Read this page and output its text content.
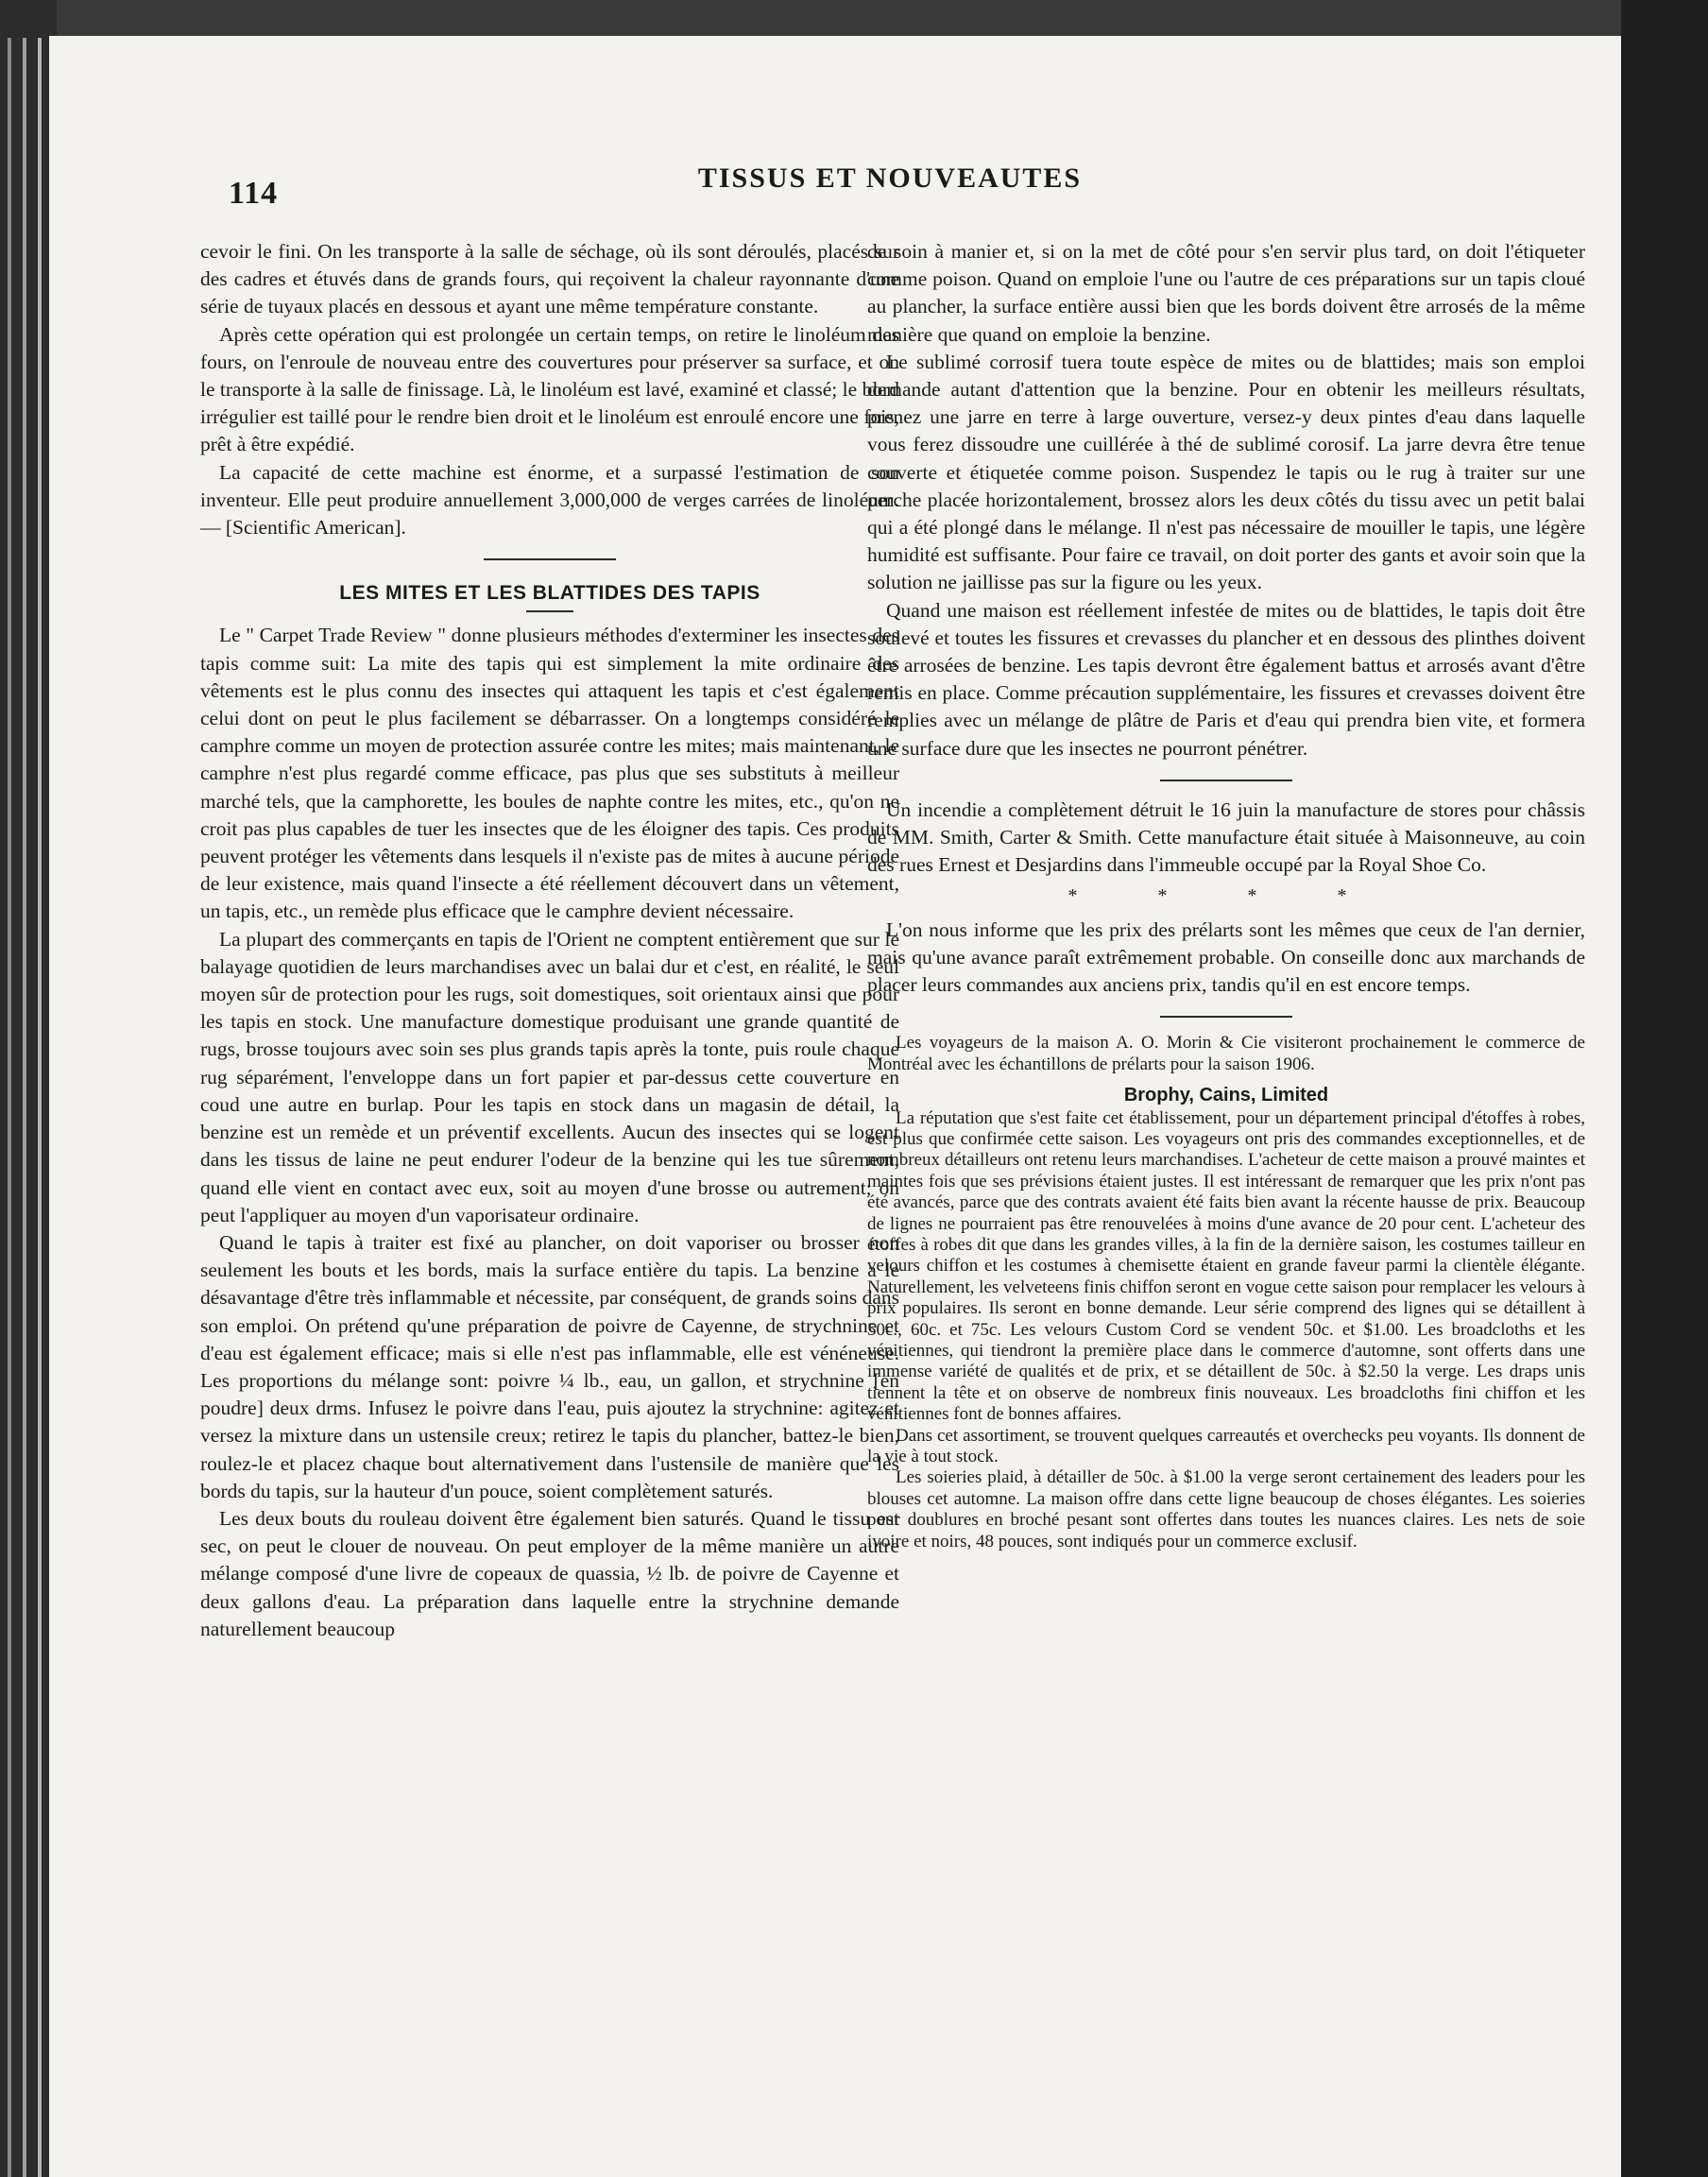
114	TISSUS ET NOUVEAUTES

cevoir le fini. On les transporte à la salle de séchage, où ils sont déroulés, placés sur des cadres et étuvés dans de grands fours, qui reçoivent la chaleur rayonnante d'une série de tuyaux placés en dessous et ayant une même température constante.

Après cette opération qui est prolongée un certain temps, on retire le linoléum des fours, on l'enroule de nouveau entre des couvertures pour préserver sa surface, et on le transporte à la salle de finissage. Là, le linoléum est lavé, examiné et classé; le bord irrégulier est taillé pour le rendre bien droit et le linoléum est enroulé encore une fois, prêt à être expédié.

La capacité de cette machine est énorme, et a surpassé l'estimation de son inventeur. Elle peut produire annuellement 3,000,000 de verges carrées de linoléum. — [Scientific American].

LES MITES ET LES BLATTIDES DES TAPIS

Le " Carpet Trade Review " donne plusieurs méthodes d'exterminer les insectes des tapis comme suit: La mite des tapis qui est simplement la mite ordinaire des vêtements est le plus connu des insectes qui attaquent les tapis et c'est également celui dont on peut le plus facilement se débarrasser. On a longtemps considéré le camphre comme un moyen de protection assurée contre les mites; mais maintenant, le camphre n'est plus regardé comme efficace, pas plus que ses substituts à meilleur marché tels, que la camphorette, les boules de naphte contre les mites, etc., qu'on ne croit pas plus capables de tuer les insectes que de les éloigner des tapis. Ces produits peuvent protéger les vêtements dans lesquels il n'existe pas de mites à aucune période de leur existence, mais quand l'insecte a été réellement découvert dans un vêtement, un tapis, etc., un remède plus efficace que le camphre devient nécessaire.

La plupart des commerçants en tapis de l'Orient ne comptent entièrement que sur le balayage quotidien de leurs marchandises avec un balai dur et c'est, en réalité, le seul moyen sûr de protection pour les rugs, soit domestiques, soit orientaux ainsi que pour les tapis en stock. Une manufacture domestique produisant une grande quantité de rugs, brosse toujours avec soin ses plus grands tapis après la tonte, puis roule chaque rug séparément, l'enveloppe dans un fort papier et par-dessus cette couverture en coud une autre en burlap. Pour les tapis en stock dans un magasin de détail, la benzine est un remède et un préventif excellents. Aucun des insectes qui se logent dans les tissus de laine ne peut endurer l'odeur de la benzine qui les tue sûrement, quand elle vient en contact avec eux, soit au moyen d'une brosse ou autrement; on peut l'appliquer au moyen d'un vaporisateur ordinaire.

Quand le tapis à traiter est fixé au plancher, on doit vaporiser ou brosser non seulement les bouts et les bords, mais la surface entière du tapis. La benzine a le désavantage d'être très inflammable et nécessite, par conséquent, de grands soins dans son emploi. On prétend qu'une préparation de poivre de Cayenne, de strychnine et d'eau est également efficace; mais si elle n'est pas inflammable, elle est vénéneuse. Les proportions du mélange sont: poivre ¼ lb., eau, un gallon, et strychnine [en poudre] deux drms. Infusez le poivre dans l'eau, puis ajoutez la strychnine: agitez et versez la mixture dans un ustensile creux; retirez le tapis du plancher, battez-le bien, roulez-le et placez chaque bout alternativement dans l'ustensile de manière que les bords du tapis, sur la hauteur d'un pouce, soient complètement saturés.

Les deux bouts du rouleau doivent être également bien saturés. Quand le tissu est sec, on peut le clouer de nouveau. On peut employer de la même manière un autre mélange composé d'une livre de copeaux de quassia, ½ lb. de poivre de Cayenne et deux gallons d'eau. La préparation dans laquelle entre la strychnine demande naturellement beaucoup

de soin à manier et, si on la met de côté pour s'en servir plus tard, on doit l'étiqueter comme poison. Quand on emploie l'une ou l'autre de ces préparations sur un tapis cloué au plancher, la surface entière aussi bien que les bords doivent être arrosés de la même manière que quand on emploie la benzine.

Le sublimé corrosif tuera toute espèce de mites ou de blattides; mais son emploi demande autant d'attention que la benzine. Pour en obtenir les meilleurs résultats, prenez une jarre en terre à large ouverture, versez-y deux pintes d'eau dans laquelle vous ferez dissoudre une cuillérée à thé de sublimé corosif. La jarre devra être tenue couverte et étiquetée comme poison. Suspendez le tapis ou le rug à traiter sur une perche placée horizontalement, brossez alors les deux côtés du tissu avec un petit balai qui a été plongé dans le mélange. Il n'est pas nécessaire de mouiller le tapis, une légère humidité est suffisante. Pour faire ce travail, on doit porter des gants et avoir soin que la solution ne jaillisse pas sur la figure ou les yeux.

Quand une maison est réellement infestée de mites ou de blattides, le tapis doit être soulevé et toutes les fissures et crevasses du plancher et en dessous des plinthes doivent être arrosées de benzine. Les tapis devront être également battus et arrosés avant d'être remis en place. Comme précaution supplémentaire, les fissures et crevasses doivent être remplies avec un mélange de plâtre de Paris et d'eau qui prendra bien vite, et formera une surface dure que les insectes ne pourront pénétrer.

Un incendie a complètement détruit le 16 juin la manufacture de stores pour châssis de MM. Smith, Carter & Smith. Cette manufacture était située à Maisonneuve, au coin des rues Ernest et Desjardins dans l'immeuble occupé par la Royal Shoe Co.

* * * *

L'on nous informe que les prix des prélarts sont les mêmes que ceux de l'an dernier, mais qu'une avance paraît extrêmement probable. On conseille donc aux marchands de placer leurs commandes aux anciens prix, tandis qu'il en est encore temps.

Les voyageurs de la maison A. O. Morin & Cie visiteront prochainement le commerce de Montréal avec les échantillons de prélarts pour la saison 1906.

Brophy, Cains, Limited

La réputation que s'est faite cet établissement, pour un département principal d'étoffes à robes, est plus que confirmée cette saison. Les voyageurs ont pris des commandes exceptionnelles, et de nombreux détailleurs ont retenu leurs marchandises. L'acheteur de cette maison a prouvé maintes et maintes fois que ses prévisions étaient justes. Il est intéressant de remarquer que les prix n'ont pas été avancés, parce que des contrats avaient été faits bien avant la récente hausse de prix. Beaucoup de lignes ne pourraient pas être renouvelées à moins d'une avance de 20 pour cent. L'acheteur des étoffes à robes dit que dans les grandes villes, à la fin de la dernière saison, les costumes tailleur en velours chiffon et les costumes à chemisette étaient en grande faveur parmi la clientèle élégante. Naturellement, les velveteens finis chiffon seront en vogue cette saison pour remplacer les velours à prix populaires. Ils seront en bonne demande. Leur série comprend des lignes qui se détaillent à 50c., 60c. et 75c. Les velours Custom Cord se vendent 50c. et $1.00. Les broadcloths et les vénitiennes, qui tiendront la première place dans le commerce d'automne, sont offerts dans une immense variété de qualités et de prix, et se détaillent de 50c. à $2.50 la verge. Les draps unis tiennent la tête et on observe de nombreux finis nouveaux. Les broadcloths fini chiffon et les vénitiennes font de bonnes affaires.

Dans cet assortiment, se trouvent quelques carreautés et overchecks peu voyants. Ils donnent de la vie à tout stock.

Les soieries plaid, à détailler de 50c. à $1.00 la verge seront certainement des leaders pour les blouses cet automne. La maison offre dans cette ligne beaucoup de choses élégantes. Les soieries pour doublures en broché pesant sont offertes dans toutes les nuances claires. Les nets de soie ivoire et noirs, 48 pouces, sont indiqués pour un commerce exclusif.
